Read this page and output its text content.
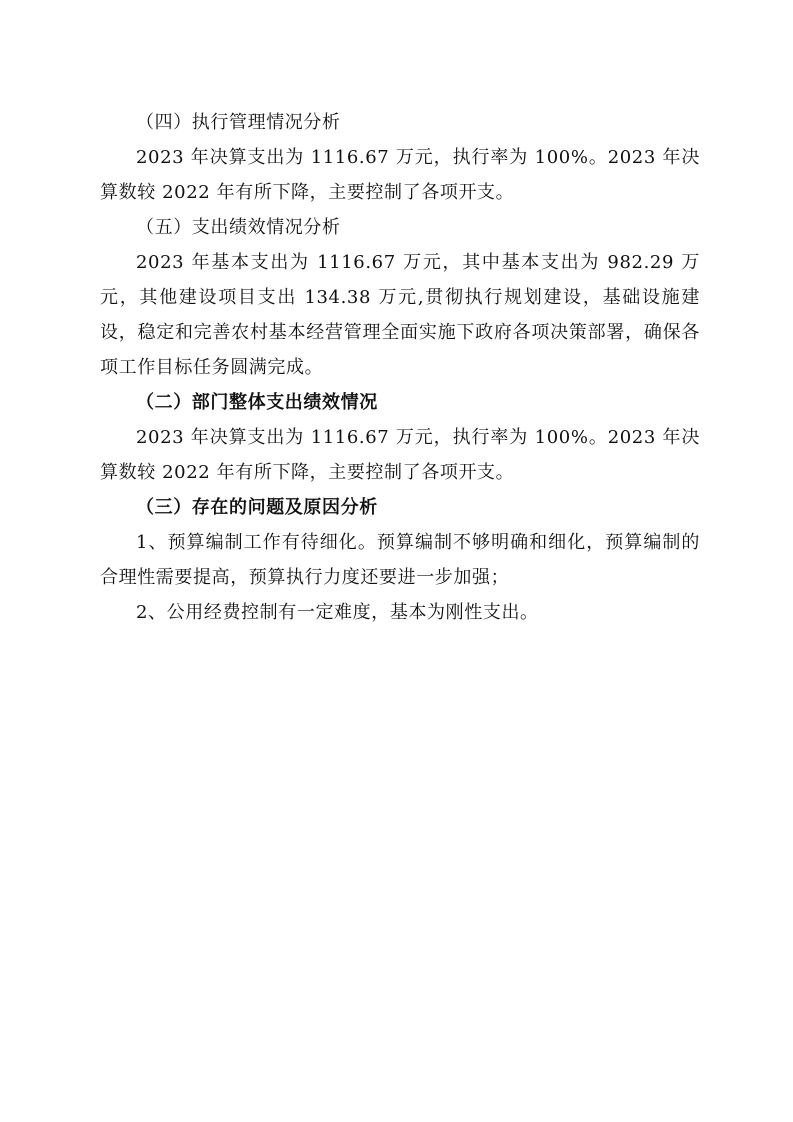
（四）执行管理情况分析

2023 年决算支出为 1116.67 万元，执行率为 100%。2023 年决算数较 2022 年有所下降，主要控制了各项开支。

（五）支出绩效情况分析

2023 年基本支出为 1116.67 万元，其中基本支出为 982.29 万元，其他建设项目支出 134.38 万元,贯彻执行规划建设，基础设施建设，稳定和完善农村基本经营管理全面实施下政府各项决策部署，确保各项工作目标任务圆满完成。

（二）部门整体支出绩效情况

2023 年决算支出为 1116.67 万元，执行率为 100%。2023 年决算数较 2022 年有所下降，主要控制了各项开支。

（三）存在的问题及原因分析

1、预算编制工作有待细化。预算编制不够明确和细化，预算编制的合理性需要提高，预算执行力度还要进一步加强；

2、公用经费控制有一定难度，基本为刚性支出。
